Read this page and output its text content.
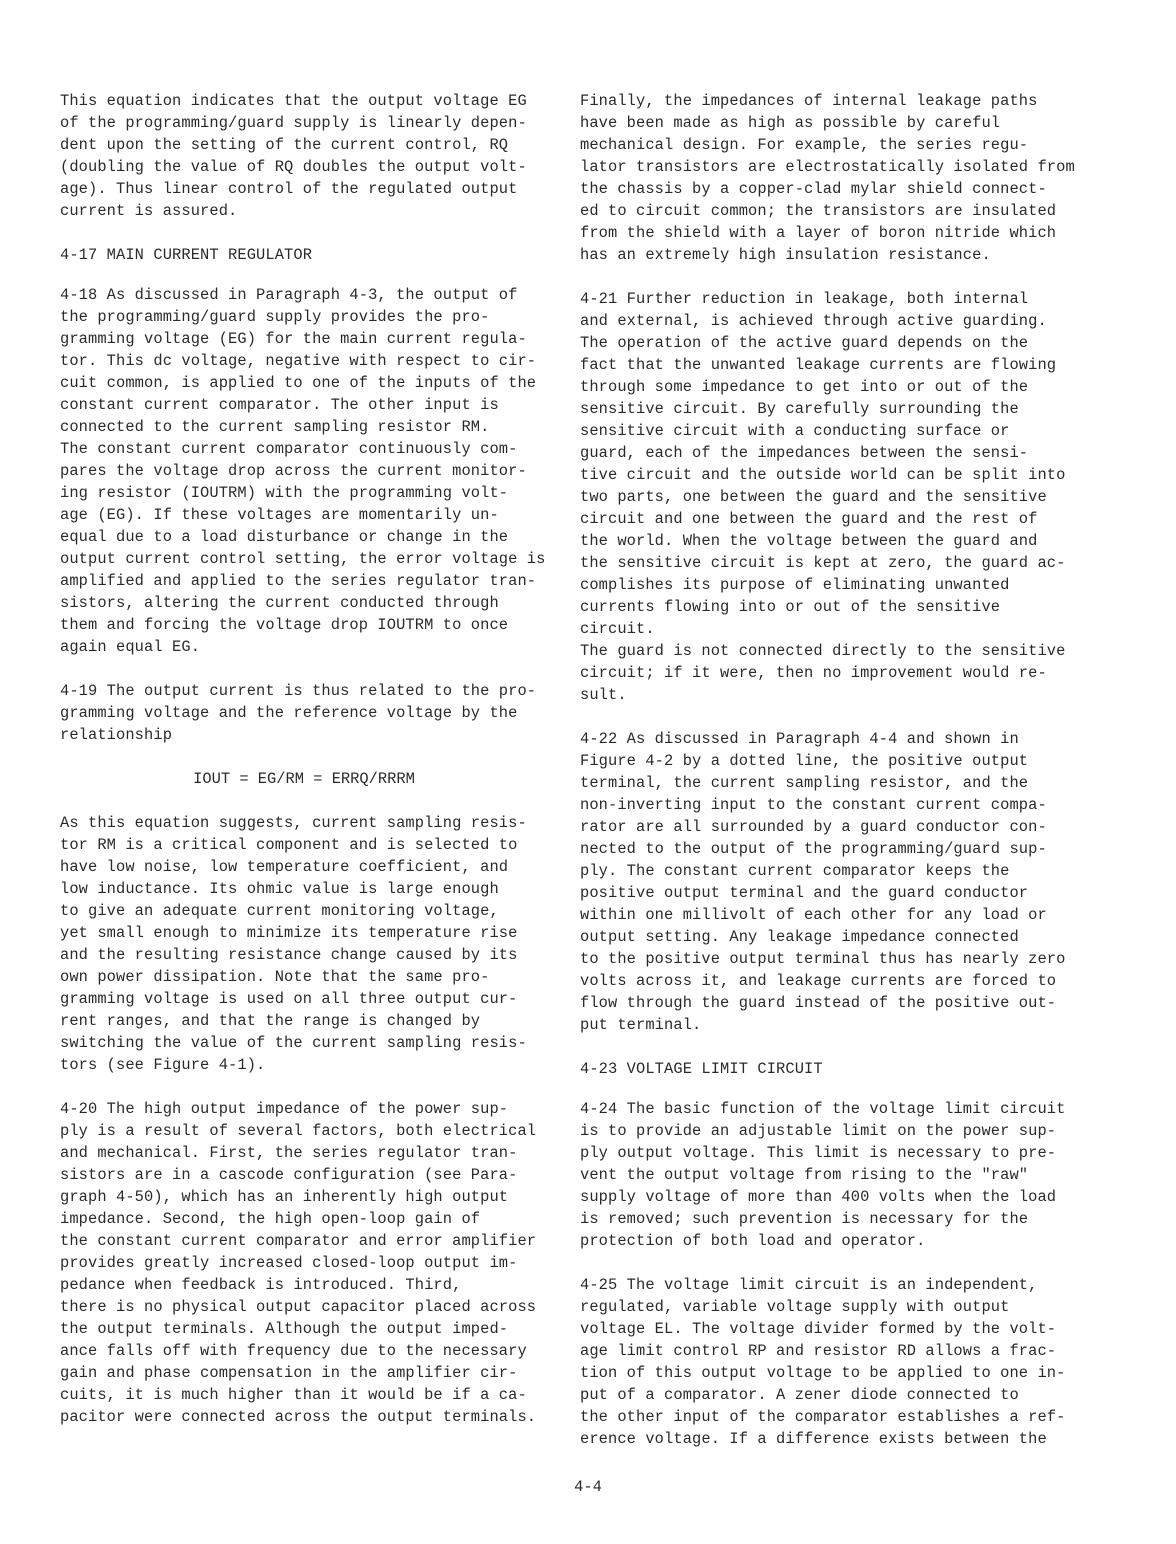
This equation indicates that the output voltage EG
of the programming/guard supply is linearly depen-
dent upon the setting of the current control, RQ
(doubling the value of RQ doubles the output volt-
age). Thus linear control of the regulated output
current is assured.

4-17 MAIN CURRENT REGULATOR

4-18 As discussed in Paragraph 4-3, the output of
the programming/guard supply provides the pro-
gramming voltage (EG) for the main current regula-
tor. This dc voltage, negative with respect to cir-
cuit common, is applied to one of the inputs of the
constant current comparator. The other input is
connected to the current sampling resistor RM.
The constant current comparator continuously com-
pares the voltage drop across the current monitor-
ing resistor (IOUTRM) with the programming volt-
age (EG). If these voltages are momentarily un-
equal due to a load disturbance or change in the
output current control setting, the error voltage is
amplified and applied to the series regulator tran-
sistors, altering the current conducted through
them and forcing the voltage drop IOUTRM to once
again equal EG.

4-19 The output current is thus related to the pro-
gramming voltage and the reference voltage by the
relationship

IOUT = EG/RM = ERRQ/RRRM

As this equation suggests, current sampling resis-
tor RM is a critical component and is selected to
have low noise, low temperature coefficient, and
low inductance. Its ohmic value is large enough
to give an adequate current monitoring voltage,
yet small enough to minimize its temperature rise
and the resulting resistance change caused by its
own power dissipation. Note that the same pro-
gramming voltage is used on all three output cur-
rent ranges, and that the range is changed by
switching the value of the current sampling resis-
tors (see Figure 4-1).

4-20 The high output impedance of the power sup-
ply is a result of several factors, both electrical
and mechanical. First, the series regulator tran-
sistors are in a cascode configuration (see Para-
graph 4-50), which has an inherently high output
impedance. Second, the high open-loop gain of
the constant current comparator and error amplifier
provides greatly increased closed-loop output im-
pedance when feedback is introduced. Third,
there is no physical output capacitor placed across
the output terminals. Although the output imped-
ance falls off with frequency due to the necessary
gain and phase compensation in the amplifier cir-
cuits, it is much higher than it would be if a ca-
pacitor were connected across the output terminals.

Finally, the impedances of internal leakage paths
have been made as high as possible by careful
mechanical design. For example, the series regu-
lator transistors are electrostatically isolated from
the chassis by a copper-clad mylar shield connect-
ed to circuit common; the transistors are insulated
from the shield with a layer of boron nitride which
has an extremely high insulation resistance.

4-21 Further reduction in leakage, both internal
and external, is achieved through active guarding.
The operation of the active guard depends on the
fact that the unwanted leakage currents are flowing
through some impedance to get into or out of the
sensitive circuit. By carefully surrounding the
sensitive circuit with a conducting surface or
guard, each of the impedances between the sensi-
tive circuit and the outside world can be split into
two parts, one between the guard and the sensitive
circuit and one between the guard and the rest of
the world. When the voltage between the guard and
the sensitive circuit is kept at zero, the guard ac-
complishes its purpose of eliminating unwanted
currents flowing into or out of the sensitive circuit.
The guard is not connected directly to the sensitive
circuit; if it were, then no improvement would re-
sult.

4-22 As discussed in Paragraph 4-4 and shown in
Figure 4-2 by a dotted line, the positive output
terminal, the current sampling resistor, and the
non-inverting input to the constant current compa-
rator are all surrounded by a guard conductor con-
nected to the output of the programming/guard sup-
ply. The constant current comparator keeps the
positive output terminal and the guard conductor
within one millivolt of each other for any load or
output setting. Any leakage impedance connected
to the positive output terminal thus has nearly zero
volts across it, and leakage currents are forced to
flow through the guard instead of the positive out-
put terminal.

4-23 VOLTAGE LIMIT CIRCUIT

4-24 The basic function of the voltage limit circuit
is to provide an adjustable limit on the power sup-
ply output voltage. This limit is necessary to pre-
vent the output voltage from rising to the "raw"
supply voltage of more than 400 volts when the load
is removed; such prevention is necessary for the
protection of both load and operator.

4-25 The voltage limit circuit is an independent,
regulated, variable voltage supply with output
voltage EL. The voltage divider formed by the volt-
age limit control RP and resistor RD allows a frac-
tion of this output voltage to be applied to one in-
put of a comparator. A zener diode connected to
the other input of the comparator establishes a ref-
erence voltage. If a difference exists between the

4-4
